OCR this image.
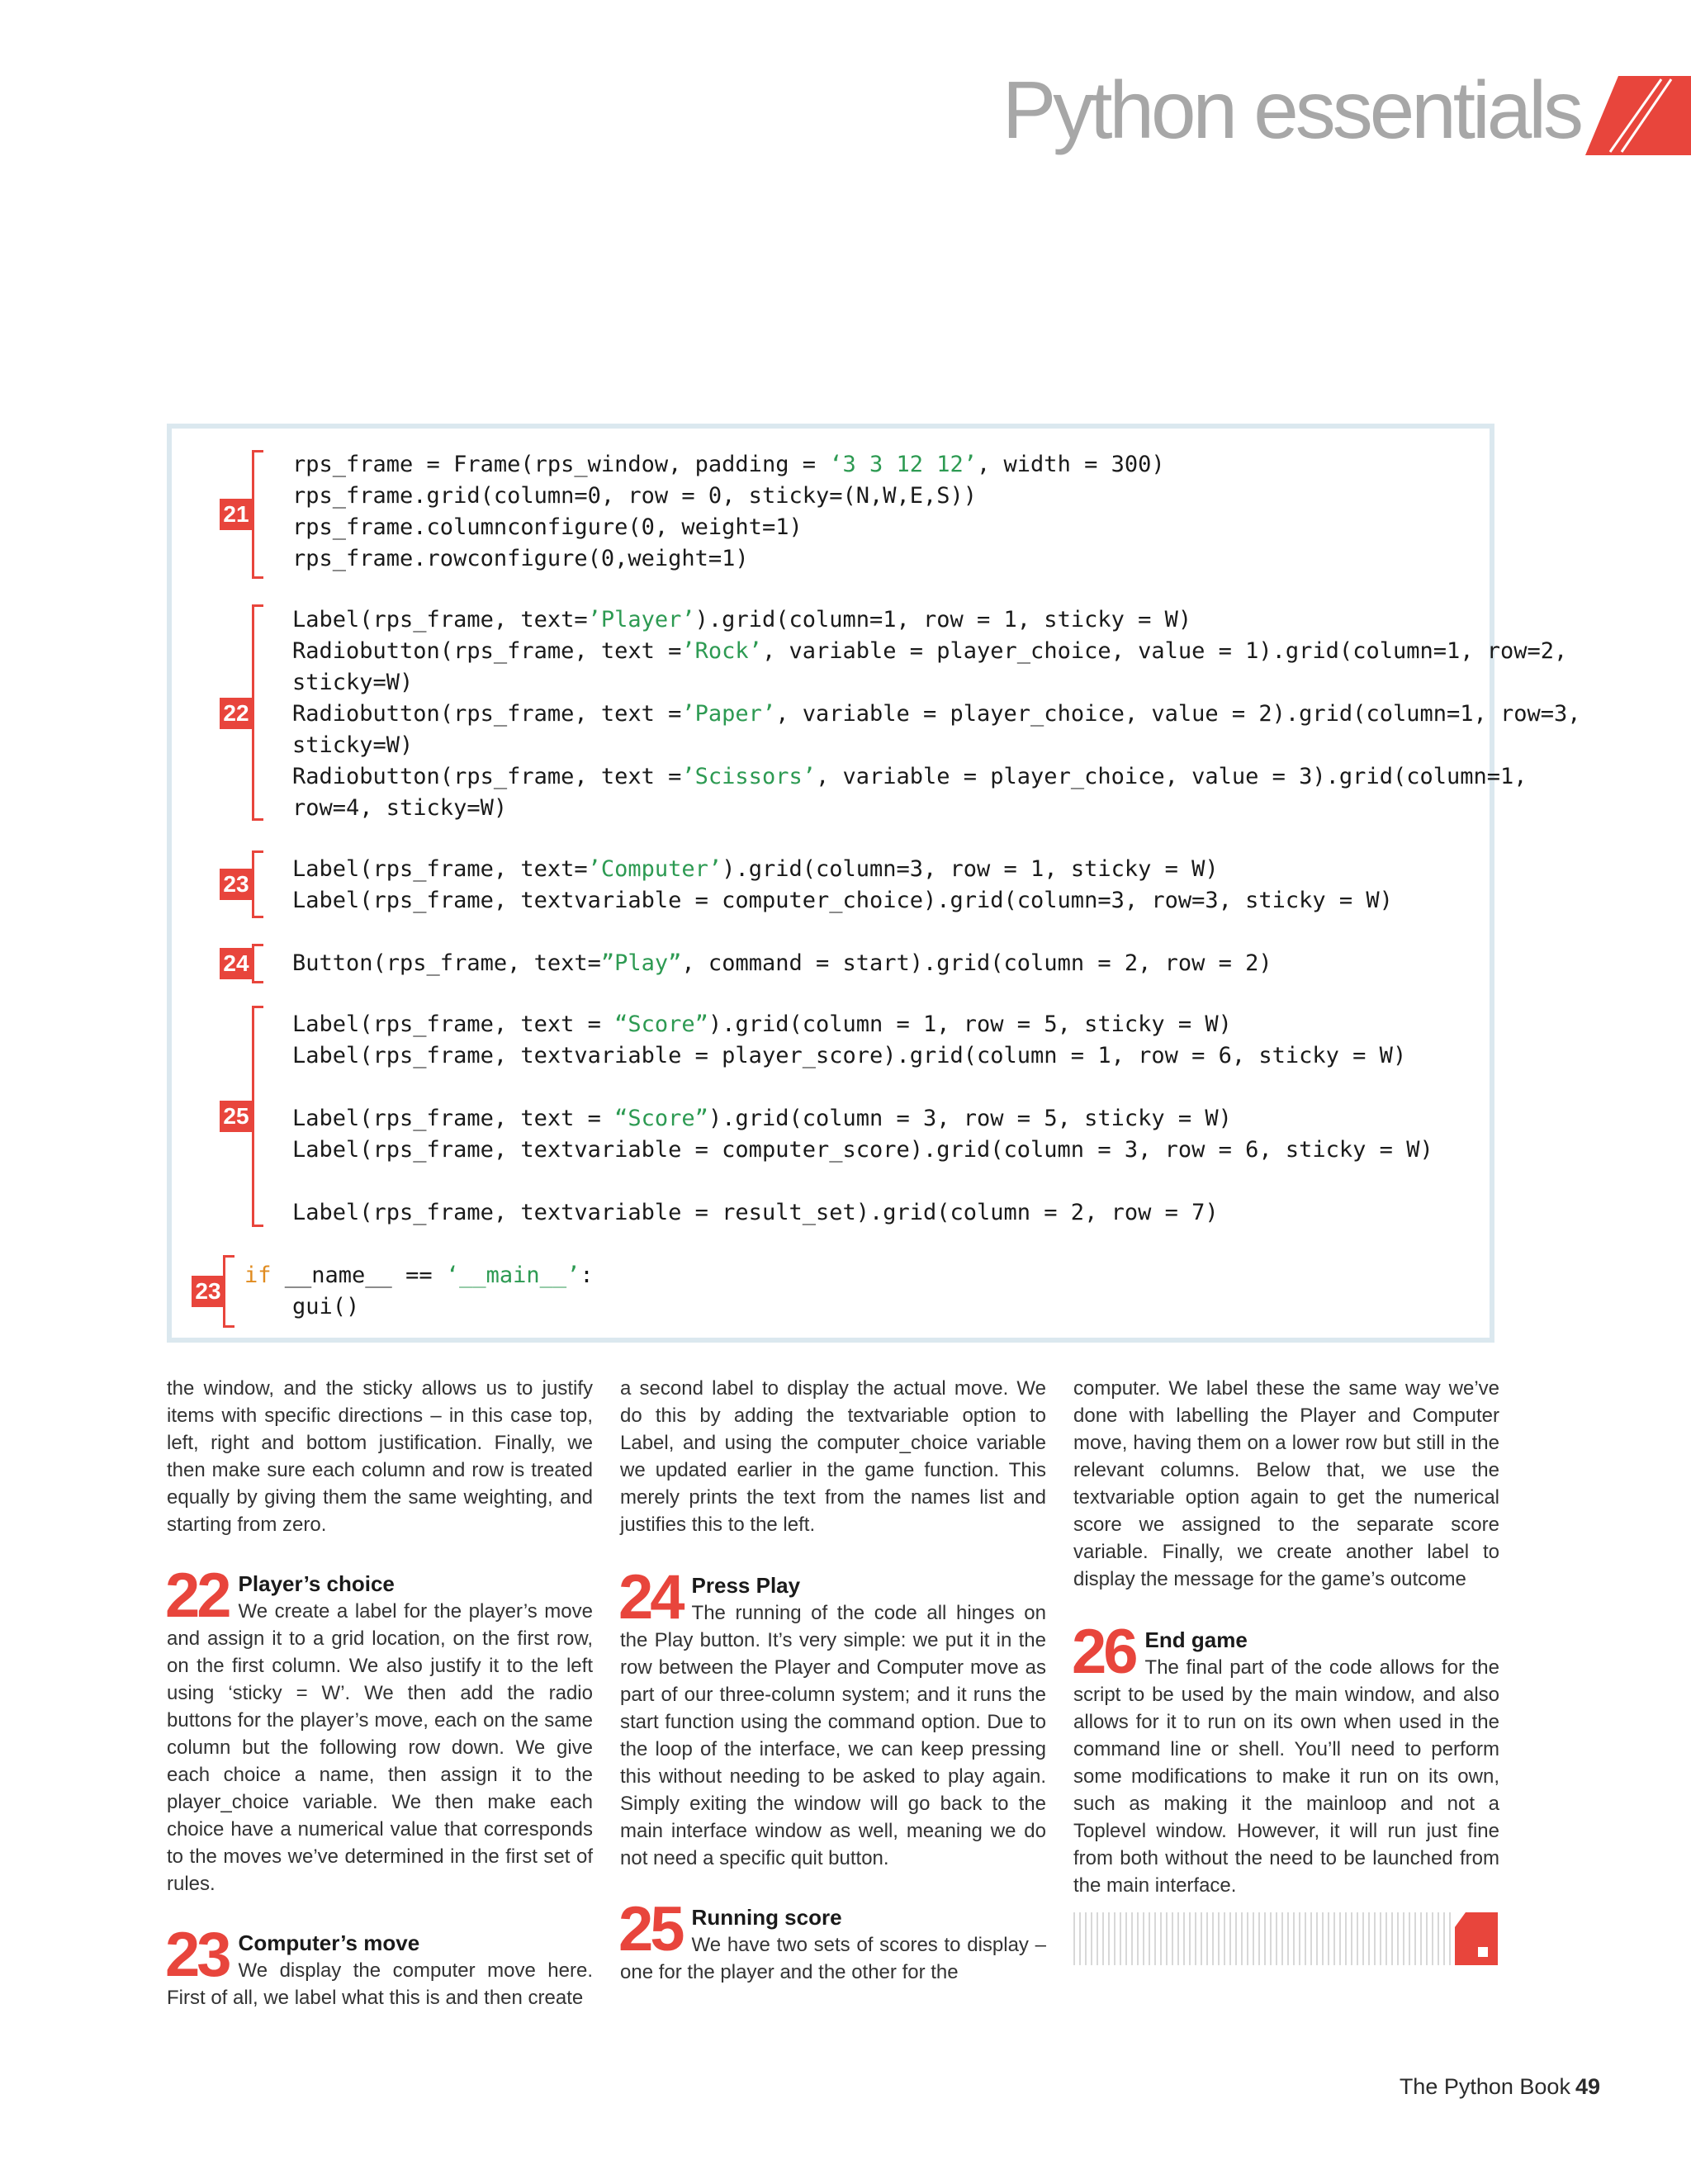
Python essentials
rps_frame = Frame(rps_window, padding = ‘3 3 12 12’, width = 300)
rps_frame.grid(column=0, row = 0, sticky=(N,W,E,S))
rps_frame.columnconfigure(0, weight=1)
rps_frame.rowconfigure(0,weight=1)
Label(rps_frame, text=’Player’).grid(column=1, row = 1, sticky = W)
Radiobutton(rps_frame, text =’Rock’, variable = player_choice, value = 1).grid(column=1, row=2,
sticky=W)
Radiobutton(rps_frame, text =’Paper’, variable = player_choice, value = 2).grid(column=1, row=3,
sticky=W)
Radiobutton(rps_frame, text =’Scissors’, variable = player_choice, value = 3).grid(column=1,
row=4, sticky=W)
Label(rps_frame, text=’Computer’).grid(column=3, row = 1, sticky = W)
Label(rps_frame, textvariable = computer_choice).grid(column=3, row=3, sticky = W)
Button(rps_frame, text=”Play”, command = start).grid(column = 2, row = 2)
Label(rps_frame, text = “Score”).grid(column = 1, row = 5, sticky = W)
Label(rps_frame, textvariable = player_score).grid(column = 1, row = 6, sticky = W)
Label(rps_frame, text = “Score”).grid(column = 3, row = 5, sticky = W)
Label(rps_frame, textvariable = computer_score).grid(column = 3, row = 6, sticky = W)
Label(rps_frame, textvariable = result_set).grid(column = 2, row = 7)
if __name__ == ‘__main__’:
gui()
21
22
23
24
25
23

the window, and the sticky allows us to justify items with specific directions – in this case top, left, right and bottom justification. Finally, we then make sure each column and row is treated equally by giving them the same weighting, and starting from zero.

22 Player’s choice
We create a label for the player’s move and assign it to a grid location, on the first row, on the first column. We also justify it to the left using ‘sticky = W’. We then add the radio buttons for the player’s move, each on the same column but the following row down. We give each choice a name, then assign it to the player_choice variable. We then make each choice have a numerical value that corresponds to the moves we’ve determined in the first set of rules.
23 Computer’s move
We display the computer move here. First of all, we label what this is and then create

a second label to display the actual move. We do this by adding the textvariable option to Label, and using the computer_choice variable we updated earlier in the game function. This merely prints the text from the names list and justifies this to the left.

24 Press Play
The running of the code all hinges on the Play button. It’s very simple: we put it in the row between the Player and Computer move as part of our three-column system; and it runs the start function using the command option. Due to the loop of the interface, we can keep pressing this without needing to be asked to play again. Simply exiting the window will go back to the main interface window as well, meaning we do not need a specific quit button.
25 Running score
We have two sets of scores to display – one for the player and the other for the

computer. We label these the same way we’ve done with labelling the Player and Computer move, having them on a lower row but still in the relevant columns. Below that, we use the textvariable option again to get the numerical score we assigned to the separate score variable. Finally, we create another label to display the message for the game’s outcome

26 End game
The final part of the code allows for the script to be used by the main window, and also allows for it to run on its own when used in the command line or shell. You’ll need to perform some modifications to make it run on its own, such as making it the mainloop and not a Toplevel window. However, it will run just fine from both without the need to be launched from the main interface.
The Python Book 49
